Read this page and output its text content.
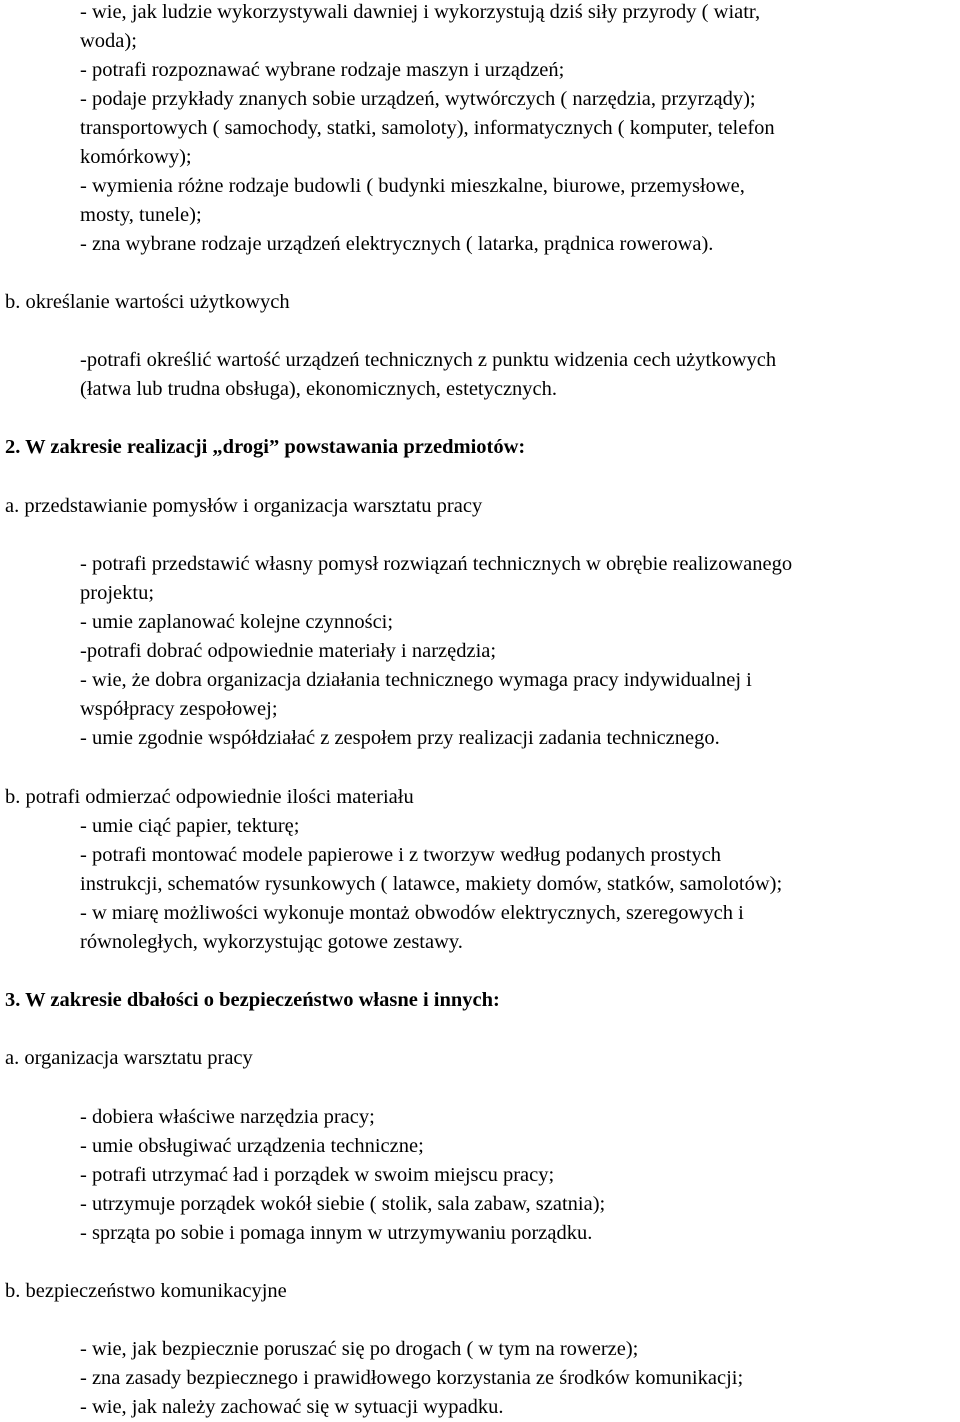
- wie, jak ludzie wykorzystywali dawniej i wykorzystują dziś siły przyrody ( wiatr,
woda);
- potrafi rozpoznawać wybrane rodzaje maszyn i urządzeń;
- podaje przykłady znanych sobie urządzeń, wytwórczych ( narzędzia, przyrządy);
transportowych ( samochody, statki, samoloty), informatycznych ( komputer, telefon
komórkowy);
- wymienia różne rodzaje budowli ( budynki mieszkalne, biurowe, przemysłowe,
mosty, tunele);
- zna wybrane rodzaje urządzeń elektrycznych ( latarka, prądnica rowerowa).
b. określanie wartości użytkowych
-potrafi określić wartość urządzeń technicznych z punktu widzenia cech użytkowych
(łatwa lub trudna obsługa), ekonomicznych, estetycznych.
2. W zakresie realizacji „drogi” powstawania przedmiotów:
a. przedstawianie pomysłów i organizacja warsztatu pracy
- potrafi przedstawić własny pomysł rozwiązań technicznych w obrębie realizowanego
projektu;
- umie zaplanować kolejne czynności;
-potrafi dobrać odpowiednie materiały i narzędzia;
- wie, że dobra organizacja działania technicznego wymaga pracy indywidualnej i
współpracy zespołowej;
- umie zgodnie współdziałać z zespołem przy realizacji zadania technicznego.
b. potrafi odmierzać odpowiednie ilości materiału
- umie ciąć papier, tekturę;
- potrafi montować modele papierowe i z tworzyw według podanych prostych
instrukcji, schematów rysunkowych ( latawce, makiety domów, statków, samolotów);
- w miarę możliwości wykonuje montaż obwodów elektrycznych, szeregowych i
równoległych, wykorzystując gotowe zestawy.
3. W zakresie dbałości o bezpieczeństwo własne i innych:
a. organizacja warsztatu pracy
- dobiera właściwe narzędzia pracy;
- umie obsługiwać urządzenia techniczne;
- potrafi utrzymać ład i porządek w swoim miejscu pracy;
- utrzymuje porządek wokół siebie ( stolik, sala zabaw, szatnia);
- sprząta po sobie i pomaga innym w utrzymywaniu porządku.
b. bezpieczeństwo komunikacyjne
- wie, jak bezpiecznie poruszać się po drogach ( w tym na rowerze);
- zna zasady bezpiecznego i prawidłowego korzystania ze środków komunikacji;
- wie, jak należy zachować się w sytuacji wypadku.
